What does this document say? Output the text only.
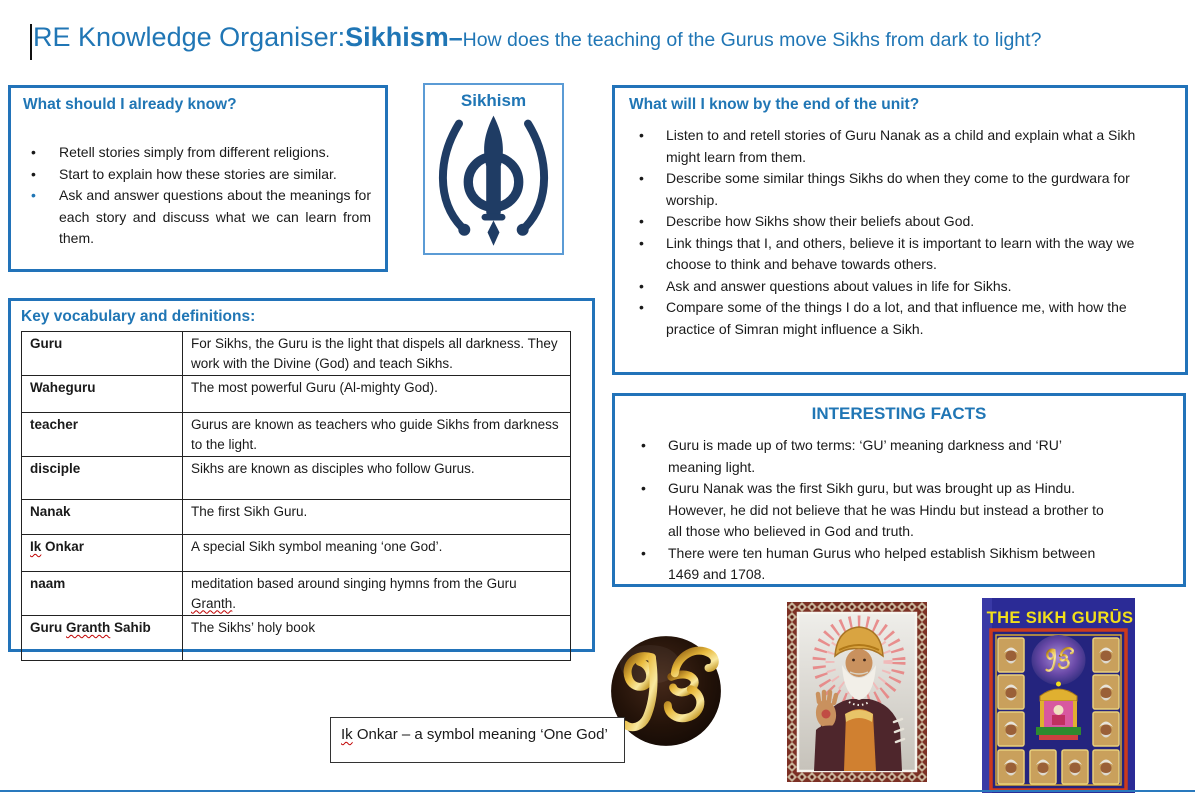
RE Knowledge Organiser: Sikhism – How does the teaching of the Gurus move Sikhs from dark to light?

What should I already know?

• Retell stories simply from different religions.
• Start to explain how these stories are similar.
• Ask and answer questions about the meanings for each story and discuss what we can learn from them.
Sikhism	What will I know by the end of the unit?

• Listen to and retell stories of Guru Nanak as a child and explain what a Sikh might learn from them.
• Describe some similar things Sikhs do when they come to the gurdwara for worship.
• Describe how Sikhs show their beliefs about God.
• Link things that I, and others, believe it is important to learn with the way we choose to think and behave towards others.
• Ask and answer questions about values in life for Sikhs.
• Compare some of the things I do a lot, and that influence me, with how the practice of Simran might influence a Sikh.

Key vocabulary and definitions:

Guru	For Sikhs, the Guru is the light that dispels all darkness. They work with the Divine (God) and teach Sikhs.
Waheguru	The most powerful Guru (Al-mighty God).
teacher	Gurus are known as teachers who guide Sikhs from darkness to the light.
disciple	Sikhs are known as disciples who follow Gurus.
Nanak	The first Sikh Guru.
Ik Onkar	A special Sikh symbol meaning ‘one God’.
naam	meditation based around singing hymns from the Guru Granth.
Guru Granth Sahib	The Sikhs’ holy book

INTERESTING FACTS

• Guru is made up of two terms: ‘GU’ meaning darkness and ‘RU’ meaning light.
• Guru Nanak was the first Sikh guru, but was brought up as Hindu. However, he did not believe that he was Hindu but instead a brother to all those who believed in God and truth.
• There were ten human Gurus who helped establish Sikhism between 1469 and 1708.
Ik Onkar – a symbol meaning ‘One God’
THE SIKH GURŪS
